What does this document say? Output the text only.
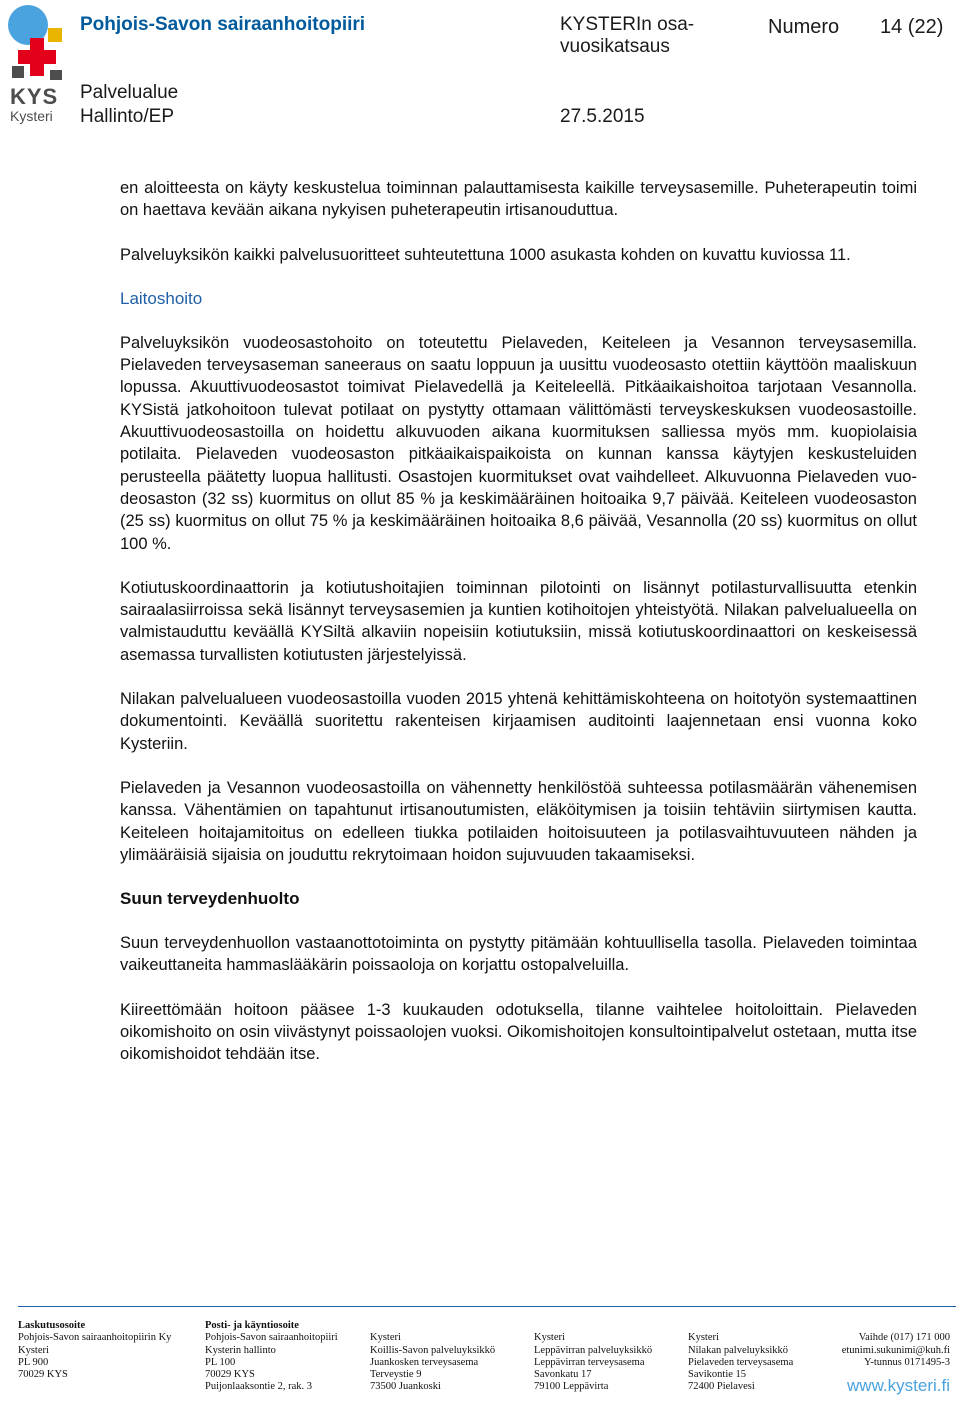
KYS
Kysteri
Pohjois-Savon sairaanhoitopiiri	KYSTERIn osa-
vuosikatsaus
Numero 14 (22)
Palvelualue
Hallinto/EP	27.5.2015

en aloitteesta on käyty keskustelua toiminnan palauttamisesta kaikille terveysasemille. Puheterapeutin toimi on haettava kevään aikana nykyisen puheterapeutin irtisanouduttua.

Palveluyksikön kaikki palvelusuoritteet suhteutettuna 1000 asukasta kohden on kuvattu kuviossa 11.

Laitoshoito

Palveluyksikön vuodeosastohoito on toteutettu Pielaveden, Keiteleen ja Vesannon terveysasemilla. Pielaveden terveysaseman saneeraus on saatu loppuun ja uusittu vuodeosasto otettiin käyttöön maaliskuun lopussa. Akuuttivuodeosastot toimivat Pielavedellä ja Keiteleellä. Pitkäaikaishoitoa tarjotaan Vesannolla. KYSistä jatkohoitoon tulevat potilaat on pystytty ottamaan välittömästi terveyskeskuksen vuodeosastoille. Akuuttivuodeosastoilla on hoidettu alkuvuoden aikana kuormituksen salliessa myös mm. kuopiolaisia potilaita. Pielaveden vuodeosaston pitkäaikaispaikoista on kunnan kanssa käytyjen keskusteluiden perusteella päätetty luopua hallitusti. Osastojen kuormitukset ovat vaihdelleet. Alkuvuonna Pielaveden vuodeosaston (32 ss) kuormitus on ollut 85 % ja keskimääräinen hoitoaika 9,7 päivää. Keiteleen vuodeosaston (25 ss) kuormitus on ollut 75 % ja keskimääräinen hoitoaika 8,6 päivää, Vesannolla (20 ss) kuormitus on ollut 100 %.

Kotiutuskoordinaattorin ja kotiutushoitajien toiminnan pilotointi on lisännyt potilasturvallisuutta etenkin sairaalasiirroissa sekä lisännyt terveysasemien ja kuntien kotihoitojen yhteistyötä. Nilakan palvelualueella on valmistauduttu keväällä KYSiltä alkaviin nopeisiin kotiutuksiin, missä kotiutuskoordinaattori on keskeisessä asemassa turvallisten kotiutusten järjestelyissä.

Nilakan palvelualueen vuodeosastoilla vuoden 2015 yhtenä kehittämiskohteena on hoitotyön systemaattinen dokumentointi. Keväällä suoritettu rakenteisen kirjaamisen auditointi laajennetaan ensi vuonna koko Kysteriin.

Pielaveden ja Vesannon vuodeosastoilla on vähennetty henkilöstöä suhteessa potilasmäärän vähenemisen kanssa. Vähentämien on tapahtunut irtisanoutumisten, eläköitymisen ja toisiin tehtäviin siirtymisen kautta. Keiteleen hoitajamitoitus on edelleen tiukka potilaiden hoitoisuuteen ja potilasvaihtuvuuteen nähden ja ylimääräisiä sijaisia on jouduttu rekrytoimaan hoidon sujuvuuden takaamiseksi.

Suun terveydenhuolto

Suun terveydenhuollon vastaanottotoiminta on pystytty pitämään kohtuullisella tasolla. Pielaveden toimintaa vaikeuttaneita hammaslääkärin poissaoloja on korjattu ostopalveluilla.

Kiireettömään hoitoon pääsee 1-3 kuukauden odotuksella, tilanne vaihtelee hoitoloittain. Pielaveden oikomishoito on osin viivästynyt poissaolojen vuoksi. Oikomishoitojen konsultointipalvelut ostetaan, mutta itse oikomishoidot tehdään itse.

Laskutusosoite
Pohjois-Savon sairaanhoitopiirin Ky
Kysteri
PL 900
70029 KYS
Posti- ja käyntiosoite
Pohjois-Savon sairaanhoitopiiri
Kysterin hallinto
PL 100
70029 KYS
Puijonlaaksontie 2, rak. 3

Kysteri
Koillis-Savon palveluyksikkö
Juankosken terveysasema
Terveystie 9
73500 Juankoski

Kysteri
Leppävirran palveluyksikkö
Leppävirran terveysasema
Savonkatu 17
79100 Leppävirta

Kysteri
Nilakan palveluyksikkö
Pielaveden terveysasema
Savikontie 15
72400 Pielavesi

Vaihde (017) 171 000
etunimi.sukunimi@kuh.fi
Y-tunnus 0171495-3
www.kysteri.fi
